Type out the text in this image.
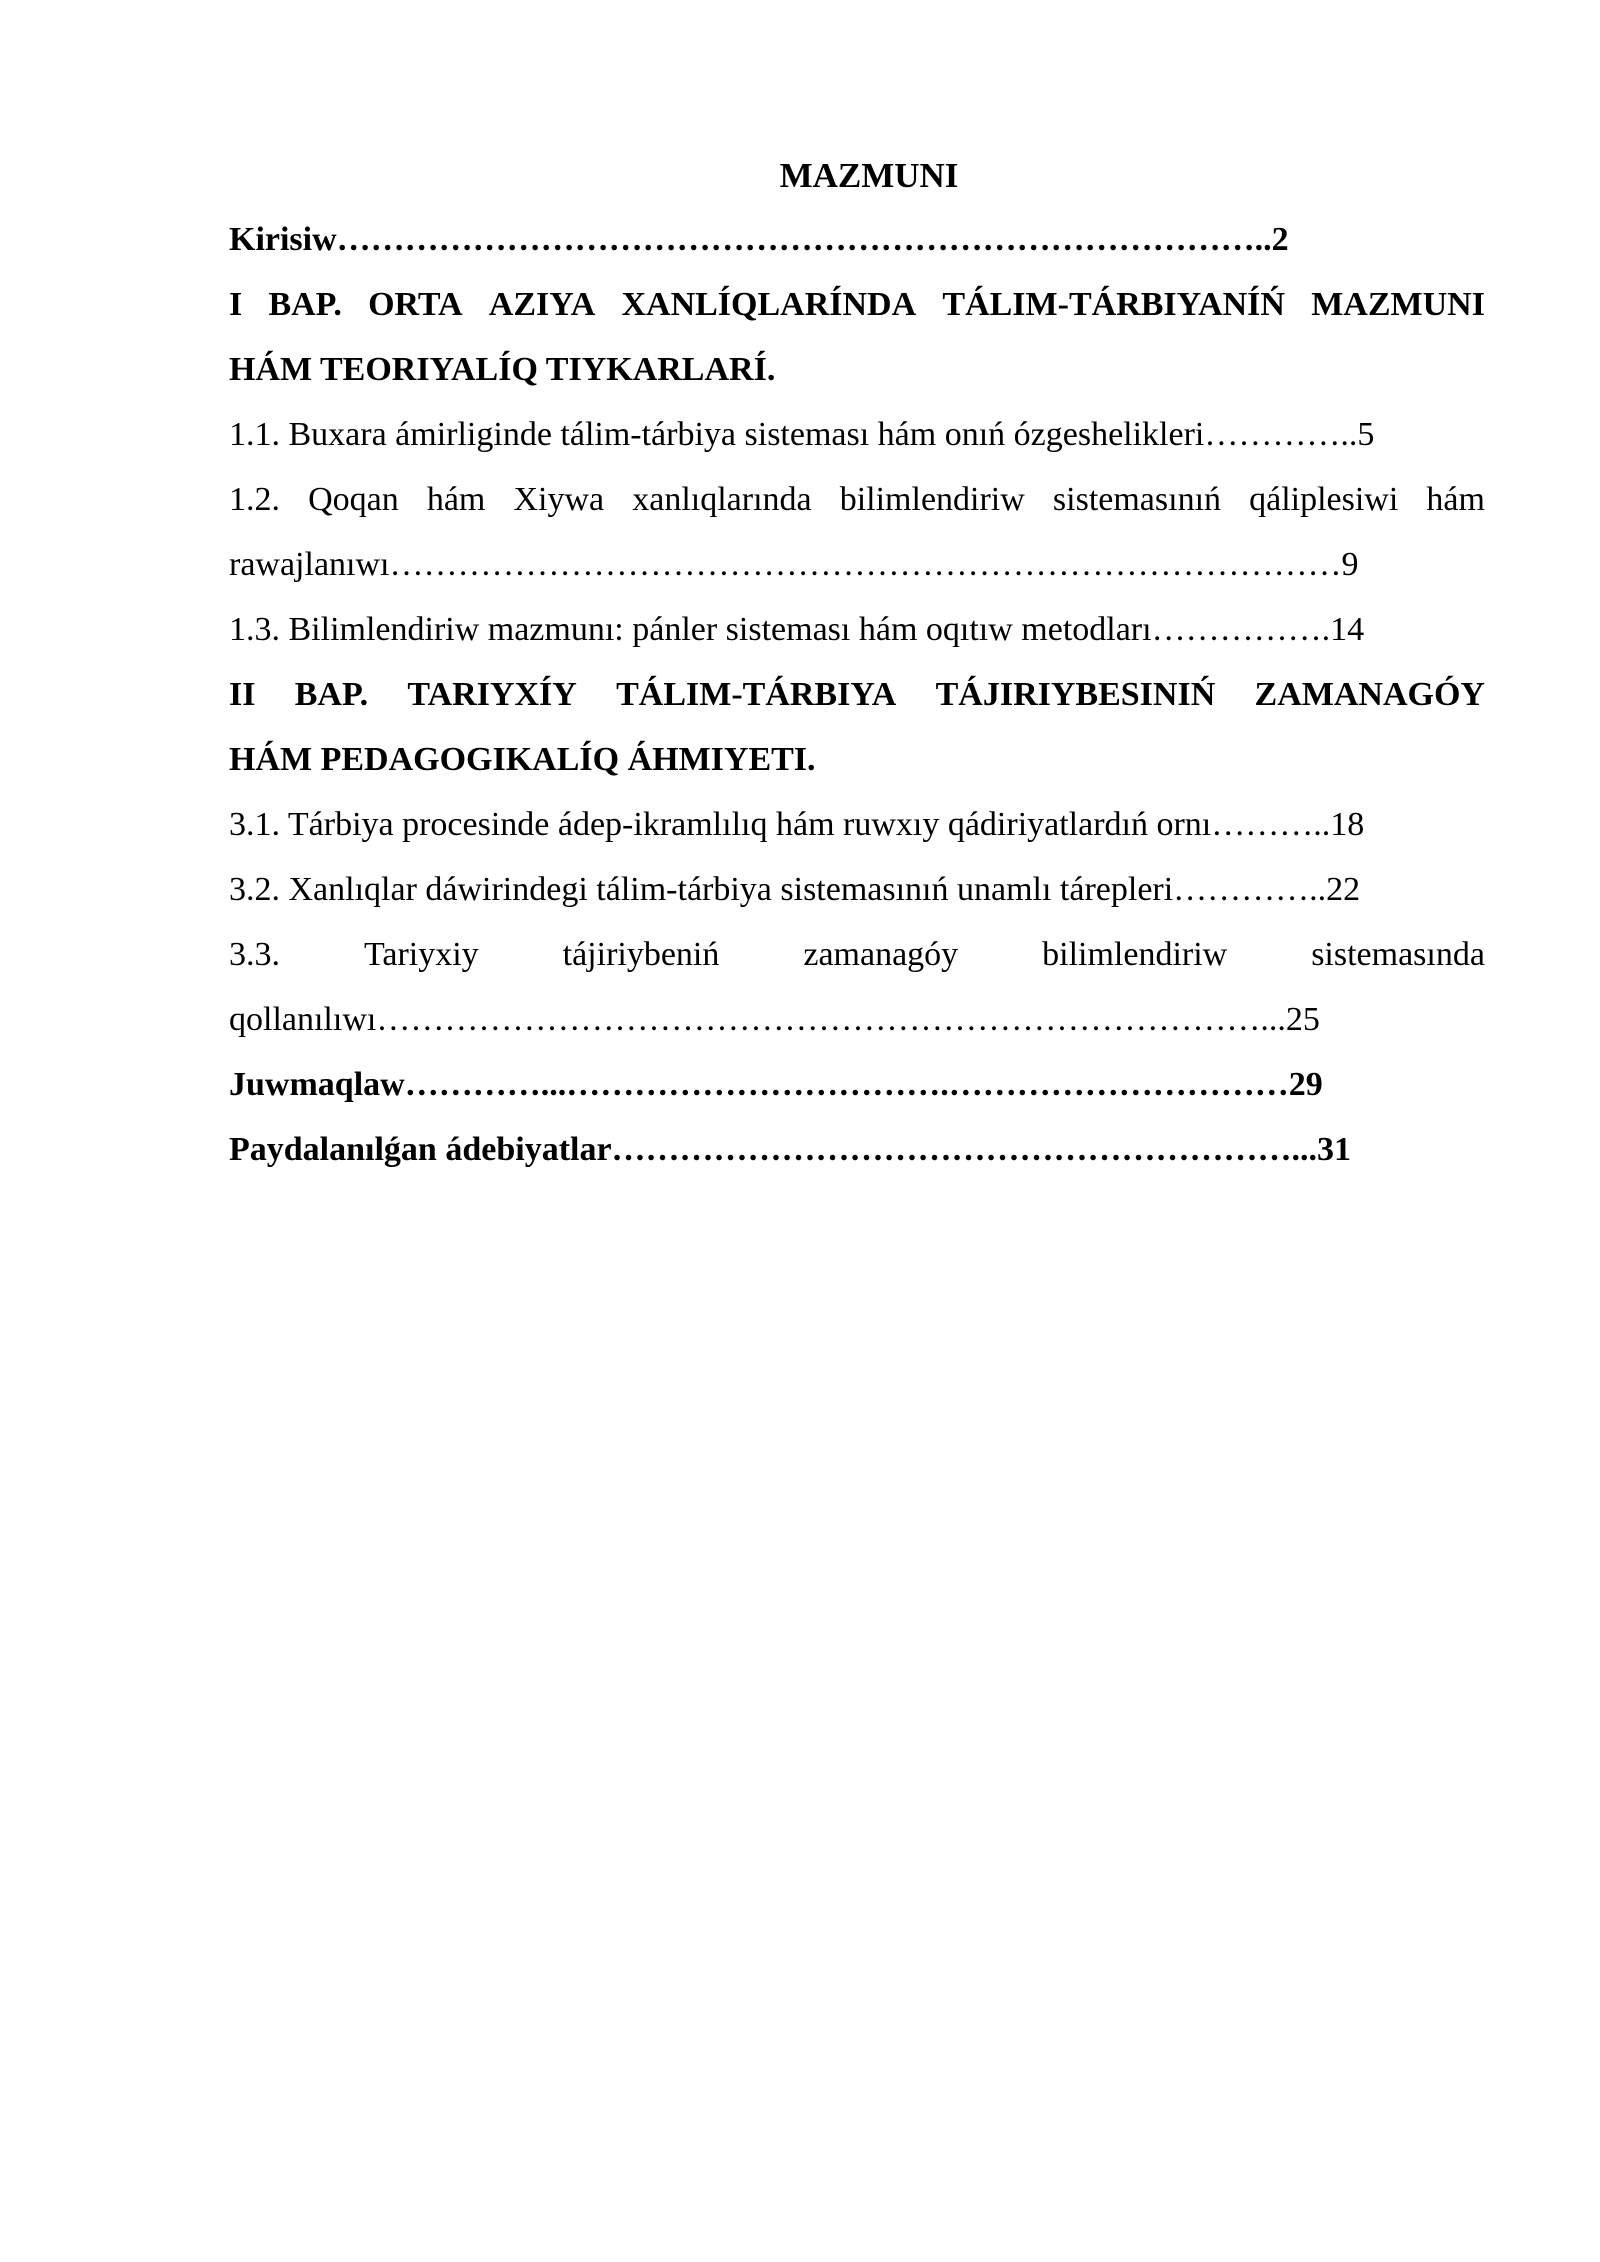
MAZMUNI
Kirisiw………………………………………………………………………..2
I BAP. ORTA AZIYA XANLÍQLARÍNDA TÁLIM-TÁRBIYANÍŃ MAZMUNI
HÁM TEORIYALÍQ TIYKARLARÍ.
1.1. Buxara ámirliginde tálim-tárbiya sisteması hám onıń ózgeshelikleri…………..5
1.2. Qoqan hám Xiywa xanlıqlarında bilimlendiriw sistemasınıń qáliplesiwi hám
rawajlanıwı…………………………………………………………………………9
1.3. Bilimlendiriw mazmunı: pánler sisteması hám oqıtıw metodları…………….14
II BAP. TARIYXÍY TÁLIM-TÁRBIYA TÁJIRIYBESINIŃ ZAMANAGÓY
HÁM PEDAGOGIKALÍQ ÁHMIYETI.
3.1. Tárbiya procesinde ádep-ikramlılıq hám ruwxıy qádiriyatlardıń ornı………..18
3.2. Xanlıqlar dáwirindegi tálim-tárbiya sistemasınıń unamlı tárepleri…………..22
3.3. Tariyxiy tájiriybeniń zamanagóy bilimlendiriw sistemasında
qollanılıwı……………………………………………………………………...25
Juwmaqlaw…………...…………………………….…………………………29
Paydalanılǵan ádebiyatlar……………………………………………………...31
